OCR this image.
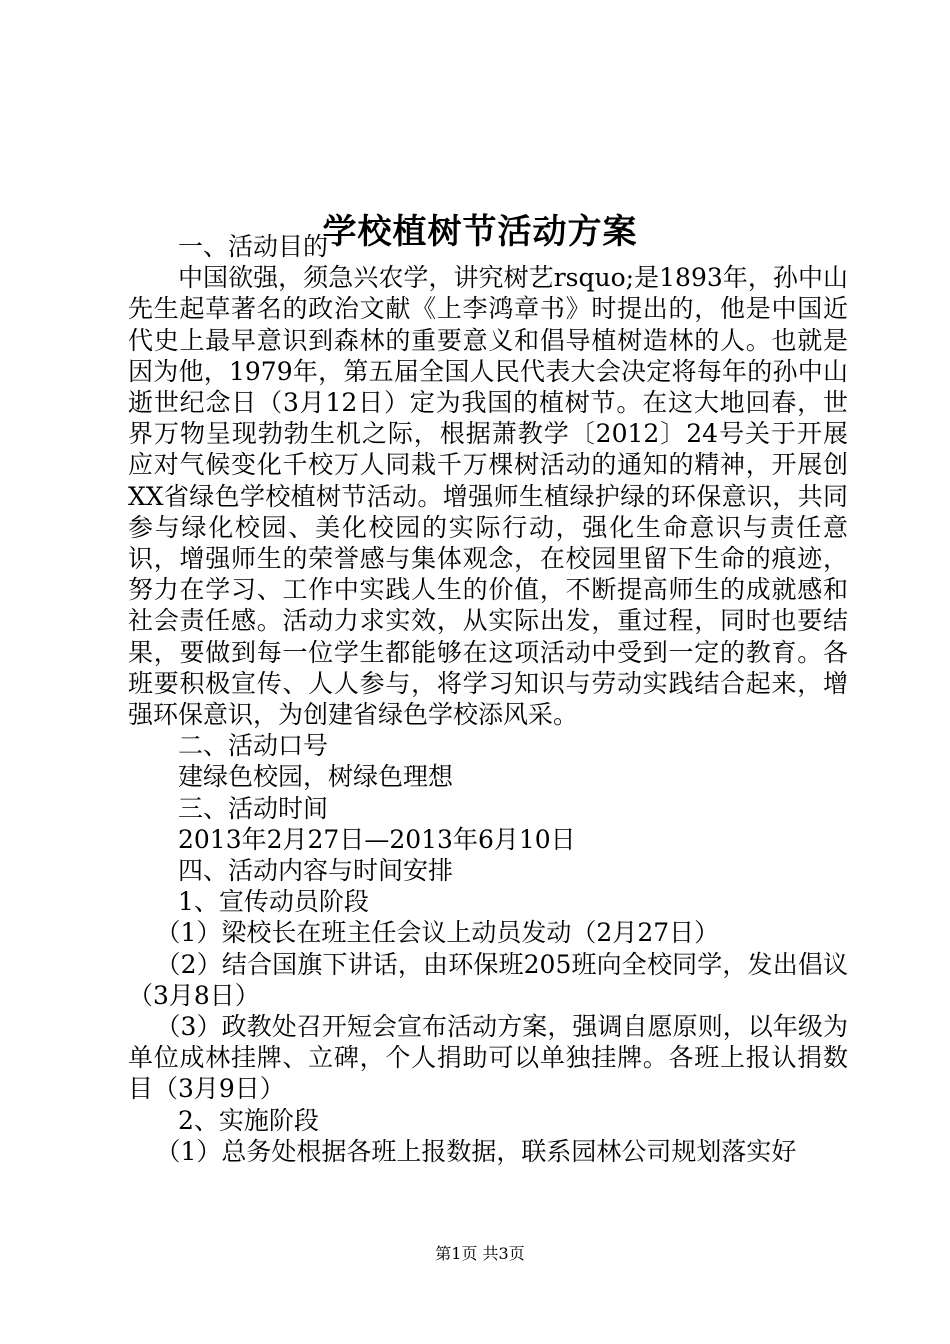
学校植树节活动方案

一、活动目的

中国欲强，须急兴农学，讲究树艺rsquo;是1893年，孙中山先生起草著名的政治文献《上李鸿章书》时提出的，他是中国近代史上最早意识到森林的重要意义和倡导植树造林的人。也就是因为他，1979年，第五届全国人民代表大会决定将每年的孙中山逝世纪念日（3月12日）定为我国的植树节。在这大地回春，世界万物呈现勃勃生机之际，根据萧教学〔2012〕24号关于开展应对气候变化千校万人同栽千万棵树活动的通知的精神，开展创XX省绿色学校植树节活动。增强师生植绿护绿的环保意识，共同参与绿化校园、美化校园的实际行动，强化生命意识与责任意识，增强师生的荣誉感与集体观念，在校园里留下生命的痕迹，努力在学习、工作中实践人生的价值，不断提高师生的成就感和社会责任感。活动力求实效，从实际出发，重过程，同时也要结果，要做到每一位学生都能够在这项活动中受到一定的教育。各班要积极宣传、人人参与，将学习知识与劳动实践结合起来，增强环保意识，为创建省绿色学校添风采。

二、活动口号

建绿色校园，树绿色理想

三、活动时间

2013年2月27日—2013年6月10日

四、活动内容与时间安排

1、宣传动员阶段

（1）梁校长在班主任会议上动员发动（2月27日）

（2）结合国旗下讲话，由环保班205班向全校同学，发出倡议（3月8日）

（3）政教处召开短会宣布活动方案，强调自愿原则，以年级为单位成林挂牌、立碑，个人捐助可以单独挂牌。各班上报认捐数目（3月9日）

2、实施阶段

（1）总务处根据各班上报数据，联系园林公司规划落实好

第1页 共3页
